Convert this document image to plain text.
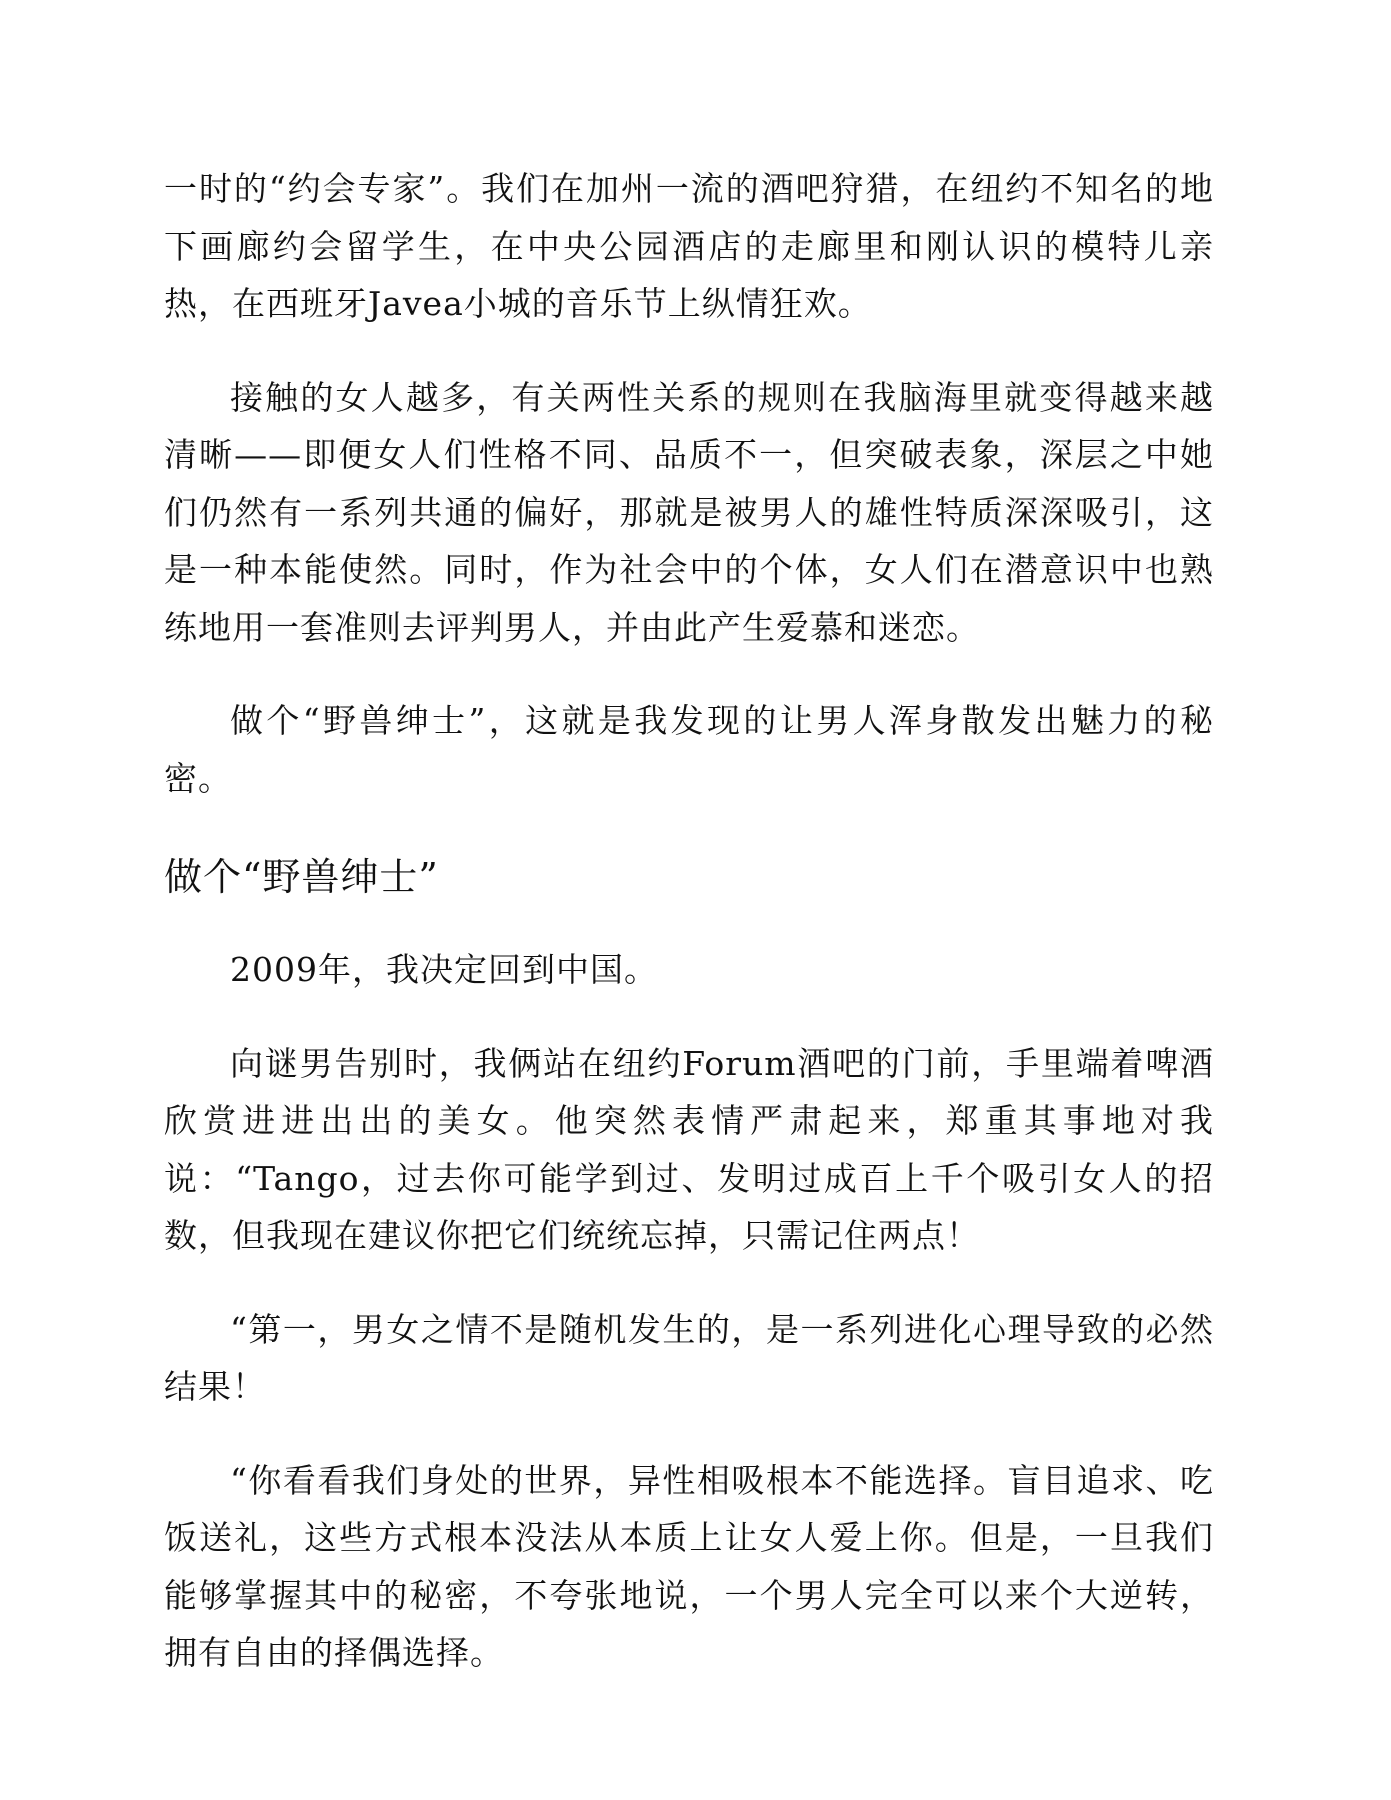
一时的“约会专家”。我们在加州一流的酒吧狩猎，在纽约不知名的地下画廊约会留学生，在中央公园酒店的走廊里和刚认识的模特儿亲热，在西班牙Javea小城的音乐节上纵情狂欢。

接触的女人越多，有关两性关系的规则在我脑海里就变得越来越清晰——即便女人们性格不同、品质不一，但突破表象，深层之中她们仍然有一系列共通的偏好，那就是被男人的雄性特质深深吸引，这是一种本能使然。同时，作为社会中的个体，女人们在潜意识中也熟练地用一套准则去评判男人，并由此产生爱慕和迷恋。

做个“野兽绅士”，这就是我发现的让男人浑身散发出魅力的秘密。

做个“野兽绅士”

2009年，我决定回到中国。

向谜男告别时，我俩站在纽约Forum酒吧的门前，手里端着啤酒欣赏进进出出的美女。他突然表情严肃起来，郑重其事地对我说：“Tango，过去你可能学到过、发明过成百上千个吸引女人的招数，但我现在建议你把它们统统忘掉，只需记住两点！

“第一，男女之情不是随机发生的，是一系列进化心理导致的必然结果！

“你看看我们身处的世界，异性相吸根本不能选择。盲目追求、吃饭送礼，这些方式根本没法从本质上让女人爱上你。但是，一旦我们能够掌握其中的秘密，不夸张地说，一个男人完全可以来个大逆转，拥有自由的择偶选择。
